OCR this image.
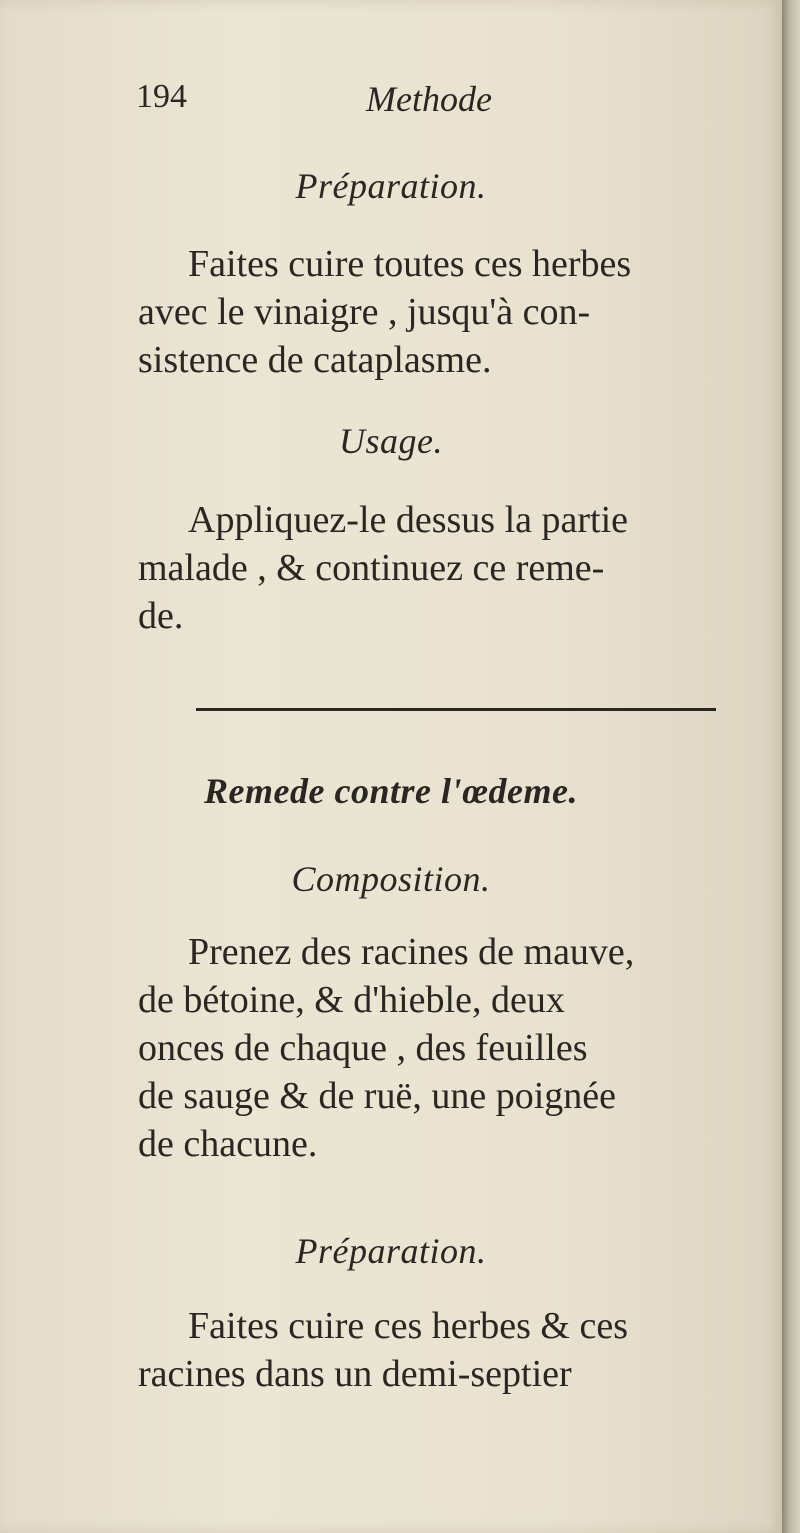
194	Methode
Préparation.
Faites cuire toutes ces herbes
avec le vinaigre , jusqu'à con-
sistence de cataplasme.
Usage.
Appliquez-le dessus la partie
malade , & continuez ce reme-
de.
Remede contre l'œdeme.
Composition.
Prenez des racines de mauve,
de bétoine, & d'hieble, deux
onces de chaque , des feuilles
de sauge & de ruë, une poignée
de chacune.
Préparation.
Faites cuire ces herbes & ces
racines dans un demi-septier
